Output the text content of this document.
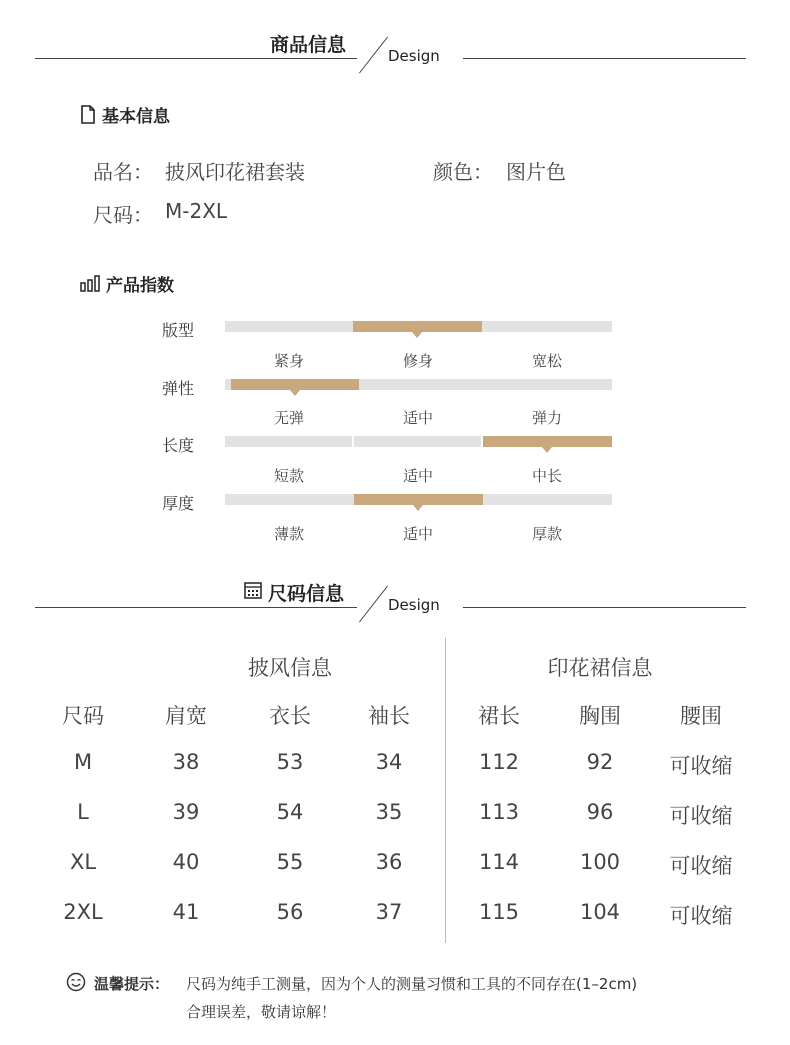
商品信息	Design
基本信息
品名： 披风印花裙套装	颜色： 图片色
尺码： M-2XL
产品指数
版型
紧身	修身	宽松
弹性
无弹	适中	弹力
长度
短款	适中	中长
厚度
薄款	适中	厚款
尺码信息	Design
披风信息	印花裙信息
尺码	肩宽	衣长	袖长	裙长	胸围	腰围
M	38	53	34	112	92	可收缩
L	39	54	35	113	96	可收缩
XL	40	55	36	114	100	可收缩
2XL	41	56	37	115	104	可收缩
温馨提示： 尺码为纯手工测量，因为个人的测量习惯和工具的不同存在(1–2cm)
合理误差，敬请谅解！
